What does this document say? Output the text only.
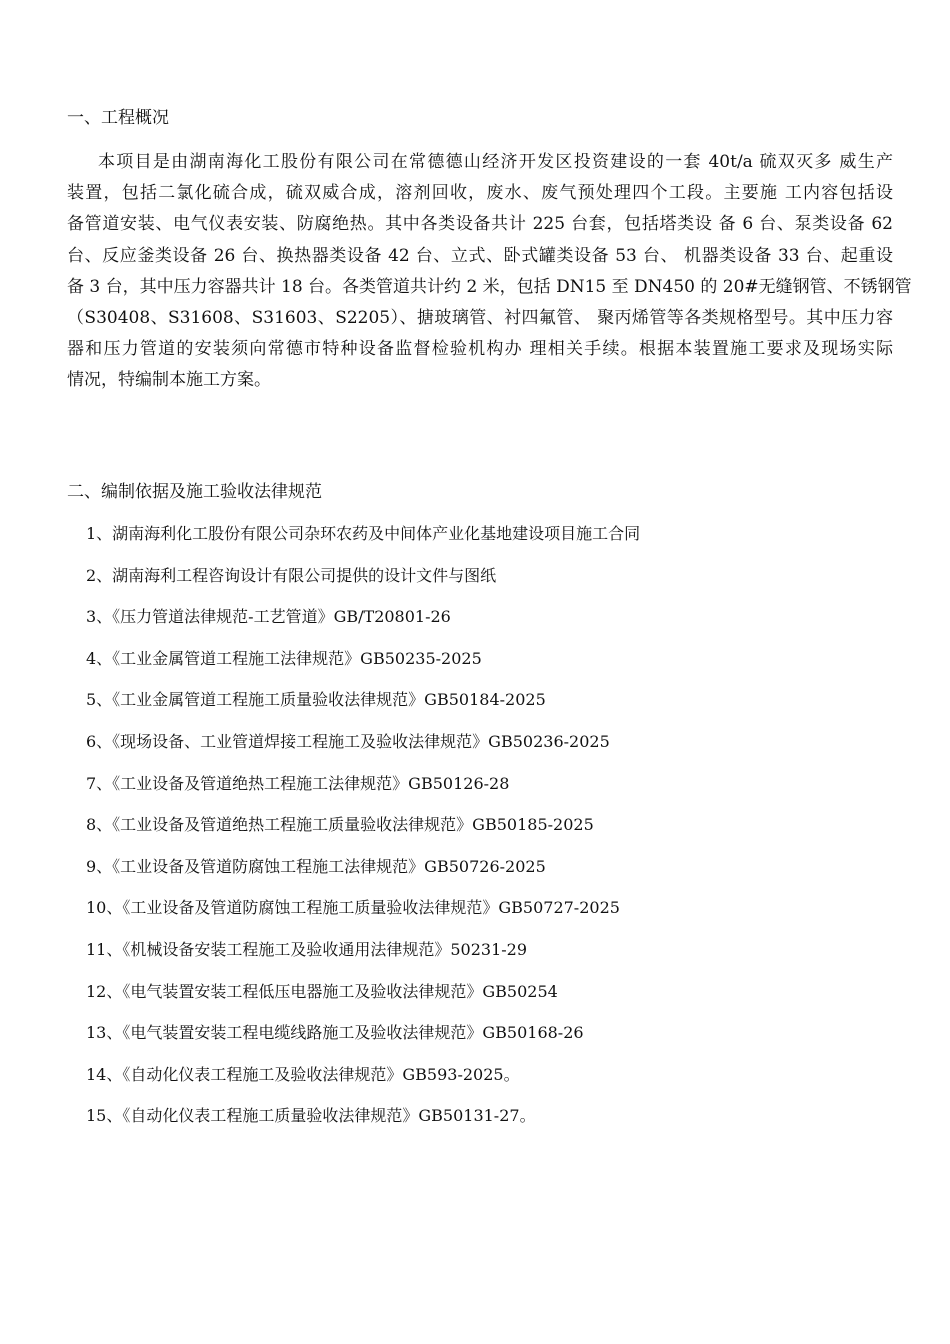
一、工程概况
本项目是由湖南海化工股份有限公司在常德德山经济开发区投资建设的一套 40t/a 硫双灭多 威生产
装置，包括二氯化硫合成，硫双威合成，溶剂回收，废水、废气预处理四个工段。主要施 工内容包括设
备管道安装、电气仪表安装、防腐绝热。其中各类设备共计 225 台套，包括塔类设 备 6 台、泵类设备 62
台、反应釜类设备 26 台、换热器类设备 42 台、立式、卧式罐类设备 53 台、 机器类设备 33 台、起重设
备 3 台，其中压力容器共计 18 台。各类管道共计约 2 米，包括 DN15 至 DN450 的 20#无缝钢管、不锈钢管
（S30408、S31608、S31603、S2205）、搪玻璃管、衬四氟管、 聚丙烯管等各类规格型号。其中压力容
器和压力管道的安装须向常德市特种设备监督检验机构办 理相关手续。根据本装置施工要求及现场实际
情况，特编制本施工方案。
二、编制依据及施工验收法律规范
1、湖南海利化工股份有限公司杂环农药及中间体产业化基地建设项目施工合同
2、湖南海利工程咨询设计有限公司提供的设计文件与图纸
3、《压力管道法律规范-工艺管道》GB/T20801-26
4、《工业金属管道工程施工法律规范》GB50235-2025
5、《工业金属管道工程施工质量验收法律规范》GB50184-2025
6、《现场设备、工业管道焊接工程施工及验收法律规范》GB50236-2025
7、《工业设备及管道绝热工程施工法律规范》GB50126-28
8、《工业设备及管道绝热工程施工质量验收法律规范》GB50185-2025
9、《工业设备及管道防腐蚀工程施工法律规范》GB50726-2025
10、《工业设备及管道防腐蚀工程施工质量验收法律规范》GB50727-2025
11、《机械设备安装工程施工及验收通用法律规范》50231-29
12、《电气装置安装工程低压电器施工及验收法律规范》GB50254
13、《电气装置安装工程电缆线路施工及验收法律规范》GB50168-26
14、《自动化仪表工程施工及验收法律规范》GB593-2025。
15、《自动化仪表工程施工质量验收法律规范》GB50131-27。
